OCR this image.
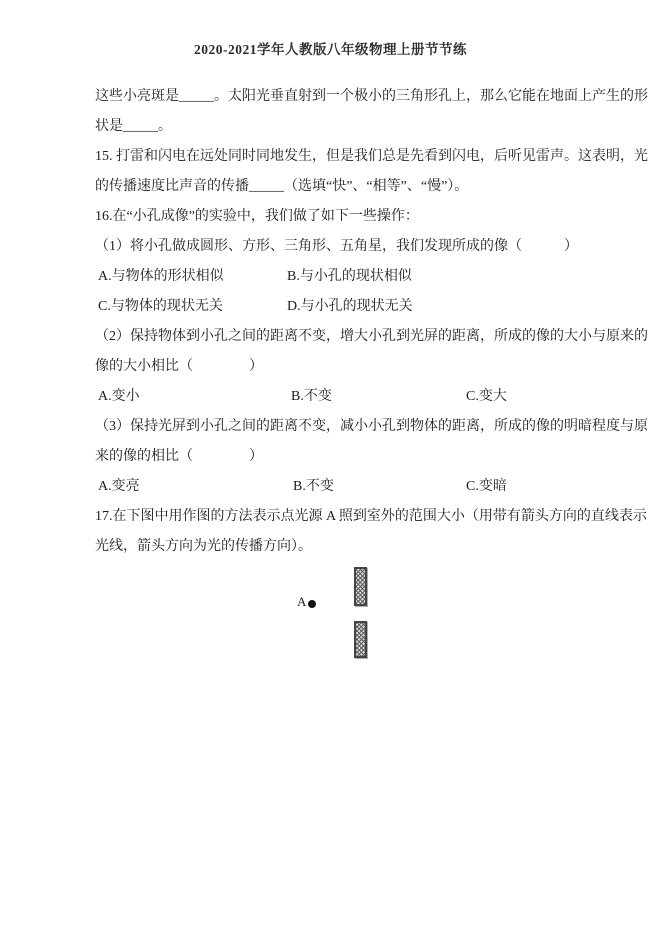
2020-2021学年人教版八年级物理上册节节练
这些小亮斑是_____。太阳光垂直射到一个极小的三角形孔上，那么它能在地面上产生的形
状是_____。
15. 打雷和闪电在远处同时同地发生，但是我们总是先看到闪电，后听见雷声。这表明，光
的传播速度比声音的传播_____（选填“快”、“相等”、“慢”）。
16.在“小孔成像”的实验中，我们做了如下一些操作：
（1）将小孔做成圆形、方形、三角形、五角星，我们发现所成的像（　　　）
A.与物体的形状相似	B.与小孔的现状相似
C.与物体的现状无关	D.与小孔的现状无关
（2）保持物体到小孔之间的距离不变，增大小孔到光屏的距离，所成的像的大小与原来的
像的大小相比（　　　　）
A.变小	B.不变	C.变大
（3）保持光屏到小孔之间的距离不变，减小小孔到物体的距离，所成的像的明暗程度与原
来的像的相比（　　　　）
A.变亮	B.不变	C.变暗
17.在下图中用作图的方法表示点光源 A 照到室外的范围大小（用带有箭头方向的直线表示
光线，箭头方向为光的传播方向）。
A
